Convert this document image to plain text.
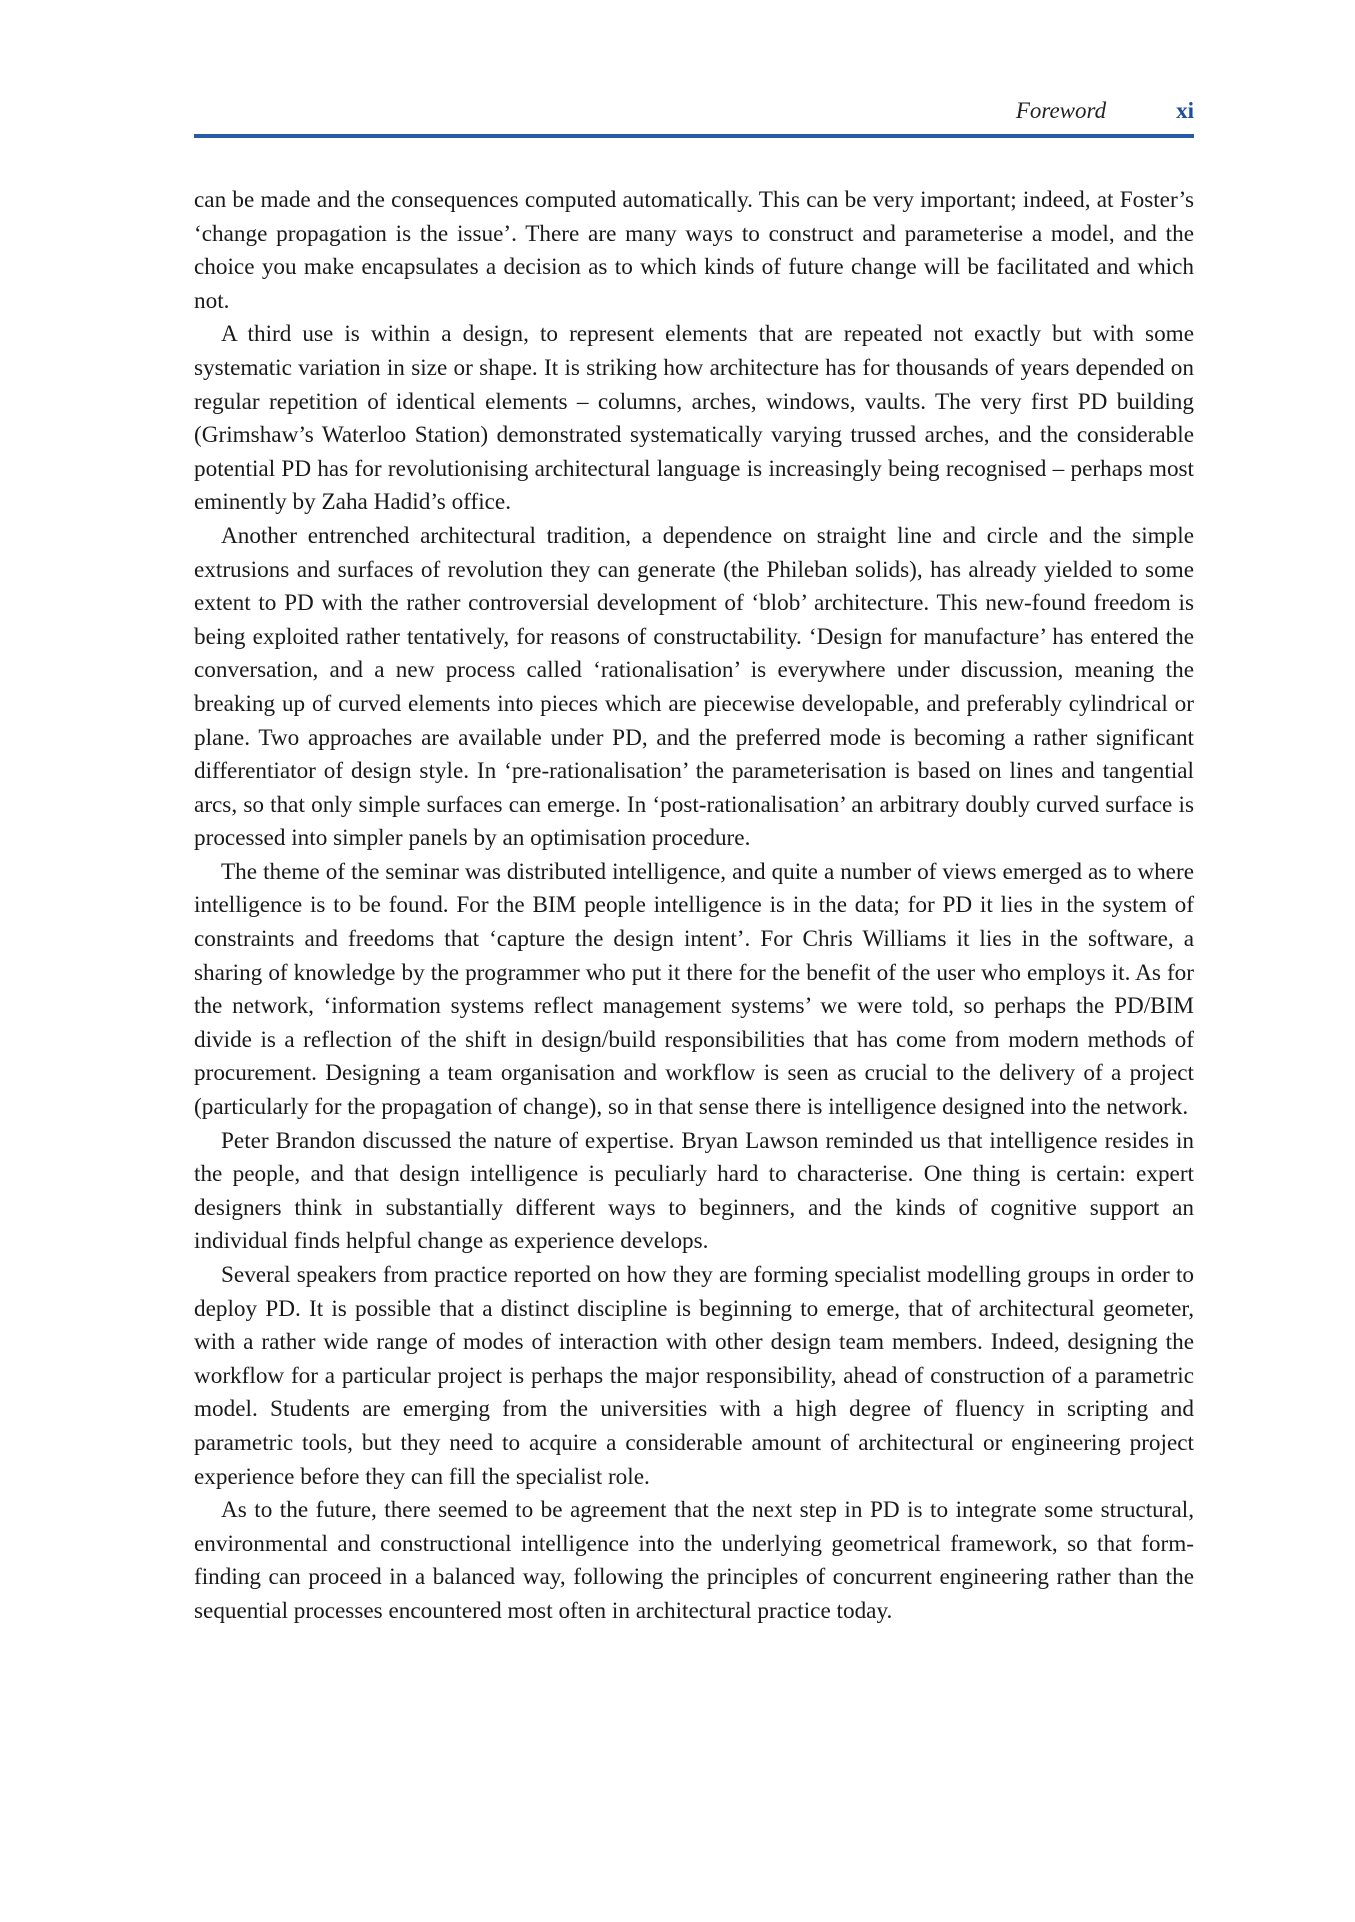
Foreword	xi

can be made and the consequences computed automatically. This can be very important; indeed, at Foster’s ‘change propagation is the issue’. There are many ways to construct and parameterise a model, and the choice you make encapsulates a decision as to which kinds of future change will be facilitated and which not.

A third use is within a design, to represent elements that are repeated not exactly but with some systematic variation in size or shape. It is striking how architecture has for thousands of years depended on regular repetition of identical elements – columns, arches, windows, vaults. The very first PD building (Grimshaw’s Waterloo Station) demonstrated systematically varying trussed arches, and the considerable potential PD has for revolutionising architectural language is increasingly being recognised – perhaps most eminently by Zaha Hadid’s office.

Another entrenched architectural tradition, a dependence on straight line and circle and the simple extrusions and surfaces of revolution they can generate (the Phileban solids), has already yielded to some extent to PD with the rather controversial development of ‘blob’ architecture. This new-found freedom is being exploited rather tentatively, for reasons of constructability. ‘Design for manufacture’ has entered the conversation, and a new process called ‘rationalisation’ is everywhere under discussion, meaning the breaking up of curved elements into pieces which are piecewise developable, and preferably cylindrical or plane. Two approaches are available under PD, and the preferred mode is becoming a rather significant differentiator of design style. In ‘pre-rationalisation’ the parameterisation is based on lines and tangential arcs, so that only simple surfaces can emerge. In ‘post-rationalisation’ an arbitrary doubly curved surface is processed into simpler panels by an optimisation procedure.

The theme of the seminar was distributed intelligence, and quite a number of views emerged as to where intelligence is to be found. For the BIM people intelligence is in the data; for PD it lies in the system of constraints and freedoms that ‘capture the design intent’. For Chris Williams it lies in the software, a sharing of knowledge by the programmer who put it there for the benefit of the user who employs it. As for the network, ‘information systems reflect management systems’ we were told, so perhaps the PD/BIM divide is a reflection of the shift in design/build responsibilities that has come from modern methods of procurement. Designing a team organisation and workflow is seen as crucial to the delivery of a project (particularly for the propagation of change), so in that sense there is intelligence designed into the network.

Peter Brandon discussed the nature of expertise. Bryan Lawson reminded us that intelligence resides in the people, and that design intelligence is peculiarly hard to characterise. One thing is certain: expert designers think in substantially different ways to beginners, and the kinds of cognitive support an individual finds helpful change as experience develops.

Several speakers from practice reported on how they are forming specialist modelling groups in order to deploy PD. It is possible that a distinct discipline is beginning to emerge, that of architectural geometer, with a rather wide range of modes of interaction with other design team members. Indeed, designing the workflow for a particular project is perhaps the major responsibility, ahead of construction of a parametric model. Students are emerging from the universities with a high degree of fluency in scripting and parametric tools, but they need to acquire a considerable amount of architectural or engineering project experience before they can fill the specialist role.

As to the future, there seemed to be agreement that the next step in PD is to integrate some structural, environmental and constructional intelligence into the underlying geometrical framework, so that form-finding can proceed in a balanced way, following the principles of concurrent engineering rather than the sequential processes encountered most often in architectural practice today.
